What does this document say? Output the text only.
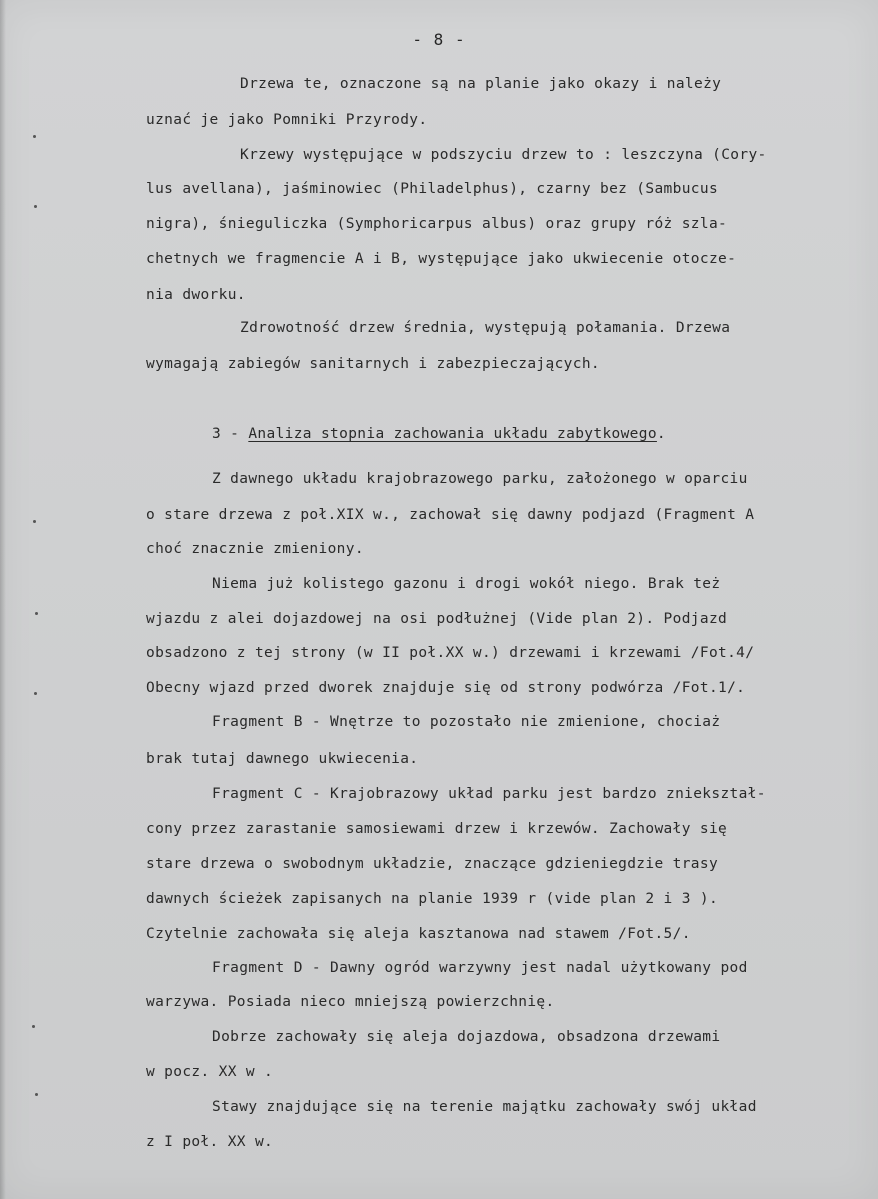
- 8 -
Drzewa te, oznaczone są na planie jako okazy i należy
uznać je jako Pomniki Przyrody.
Krzewy występujące w podszyciu drzew to : leszczyna (Cory-
lus avellana), jaśminowiec (Philadelphus), czarny bez (Sambucus
nigra), śnieguliczka (Symphoricarpus albus) oraz grupy róż szla-
chetnych we fragmencie A i B, występujące jako ukwiecenie otocze-
nia dworku.
Zdrowotność drzew średnia, występują połamania. Drzewa
wymagają zabiegów sanitarnych i zabezpieczających.
3 - Analiza stopnia zachowania układu zabytkowego.
Z dawnego układu krajobrazowego parku, założonego w oparciu
o stare drzewa z poł.XIX w., zachował się dawny podjazd (Fragment A
choć znacznie zmieniony.
Niema już kolistego gazonu i drogi wokół niego. Brak też
wjazdu z alei dojazdowej na osi podłużnej (Vide plan 2). Podjazd
obsadzono z tej strony (w II poł.XX w.) drzewami i krzewami /Fot.4/
Obecny wjazd przed dworek znajduje się od strony podwórza /Fot.1/.
Fragment B - Wnętrze to pozostało nie zmienione, chociaż
brak tutaj dawnego ukwiecenia.
Fragment C - Krajobrazowy układ parku jest bardzo zniekształ-
cony przez zarastanie samosiewami drzew i krzewów. Zachowały się
stare drzewa o swobodnym układzie, znaczące gdzieniegdzie trasy
dawnych ścieżek zapisanych na planie 1939 r (vide plan 2 i 3 ).
Czytelnie zachowała się aleja kasztanowa nad stawem /Fot.5/.
Fragment D - Dawny ogród warzywny jest nadal użytkowany pod
warzywa. Posiada nieco mniejszą powierzchnię.
Dobrze zachowały się aleja dojazdowa, obsadzona drzewami
w pocz. XX w .
Stawy znajdujące się na terenie majątku zachowały swój układ
z I poł. XX w.
